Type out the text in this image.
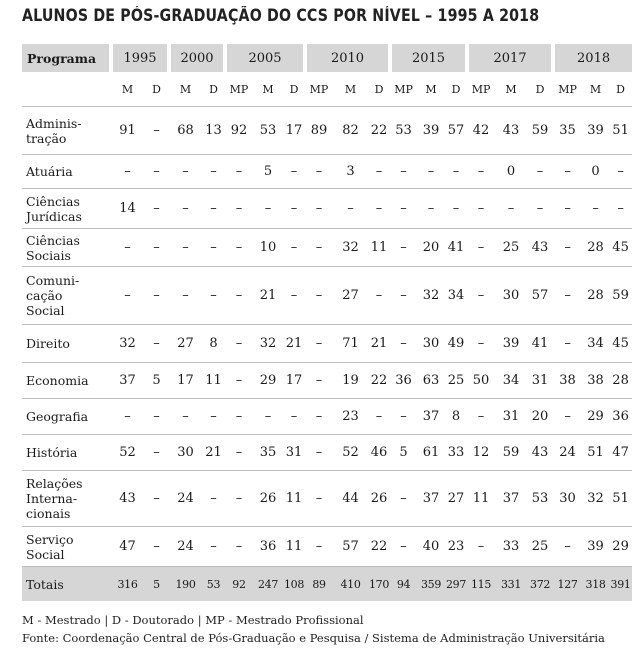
ALUNOS DE PÓS-GRADUAÇÃO DO CCS POR NÍVEL – 1995 A 2018
Programa	1995		2000		2005			2010			2015			2017			2018		
	M	D	M	D	MP	M	D	MP	M	D	MP	M	D	MP	M	D	MP	M	D

Adminis-
tração	91	–	68	13	92	53	17	89	82	22	53	39	57	42	43	59	35	39	51

Atuária	–	–	–	–	–	5	–	–	3	–	–	–	–	–	0	–	–	0	–

Ciências
Jurídicas	14	–	–	–	–	–	–	–	–	–	–	–	–	–	–	–	–	–	–

Ciências
Sociais	–	–	–	–	–	10	–	–	32	11	–	20	41	–	25	43	–	28	45

Comuni-
cação
Social	–	–	–	–	–	21	–	–	27	–	–	32	34	–	30	57	–	28	59

Direito	32	–	27	8	–	32	21	–	71	21	–	30	49	–	39	41	–	34	45

Economia	37	5	17	11	–	29	17	–	19	22	36	63	25	50	34	31	38	38	28

Geografia	–	–	–	–	–	–	–	–	23	–	–	37	8	–	31	20	–	29	36

História	52	–	30	21	–	35	31	–	52	46	5	61	33	12	59	43	24	51	47

Relações
Interna-
cionais	43	–	24	–	–	26	11	–	44	26	–	37	27	11	37	53	30	32	51

Serviço
Social	47	–	24	–	–	36	11	–	57	22	–	40	23	–	33	25	–	39	29
Totais	316	5	190	53	92	247	108	89	410	170	94	359	297	115	331	372	127	318	391
M - Mestrado | D - Doutorado | MP - Mestrado Profissional
Fonte: Coordenação Central de Pós-Graduação e Pesquisa / Sistema de Administração Universitária
